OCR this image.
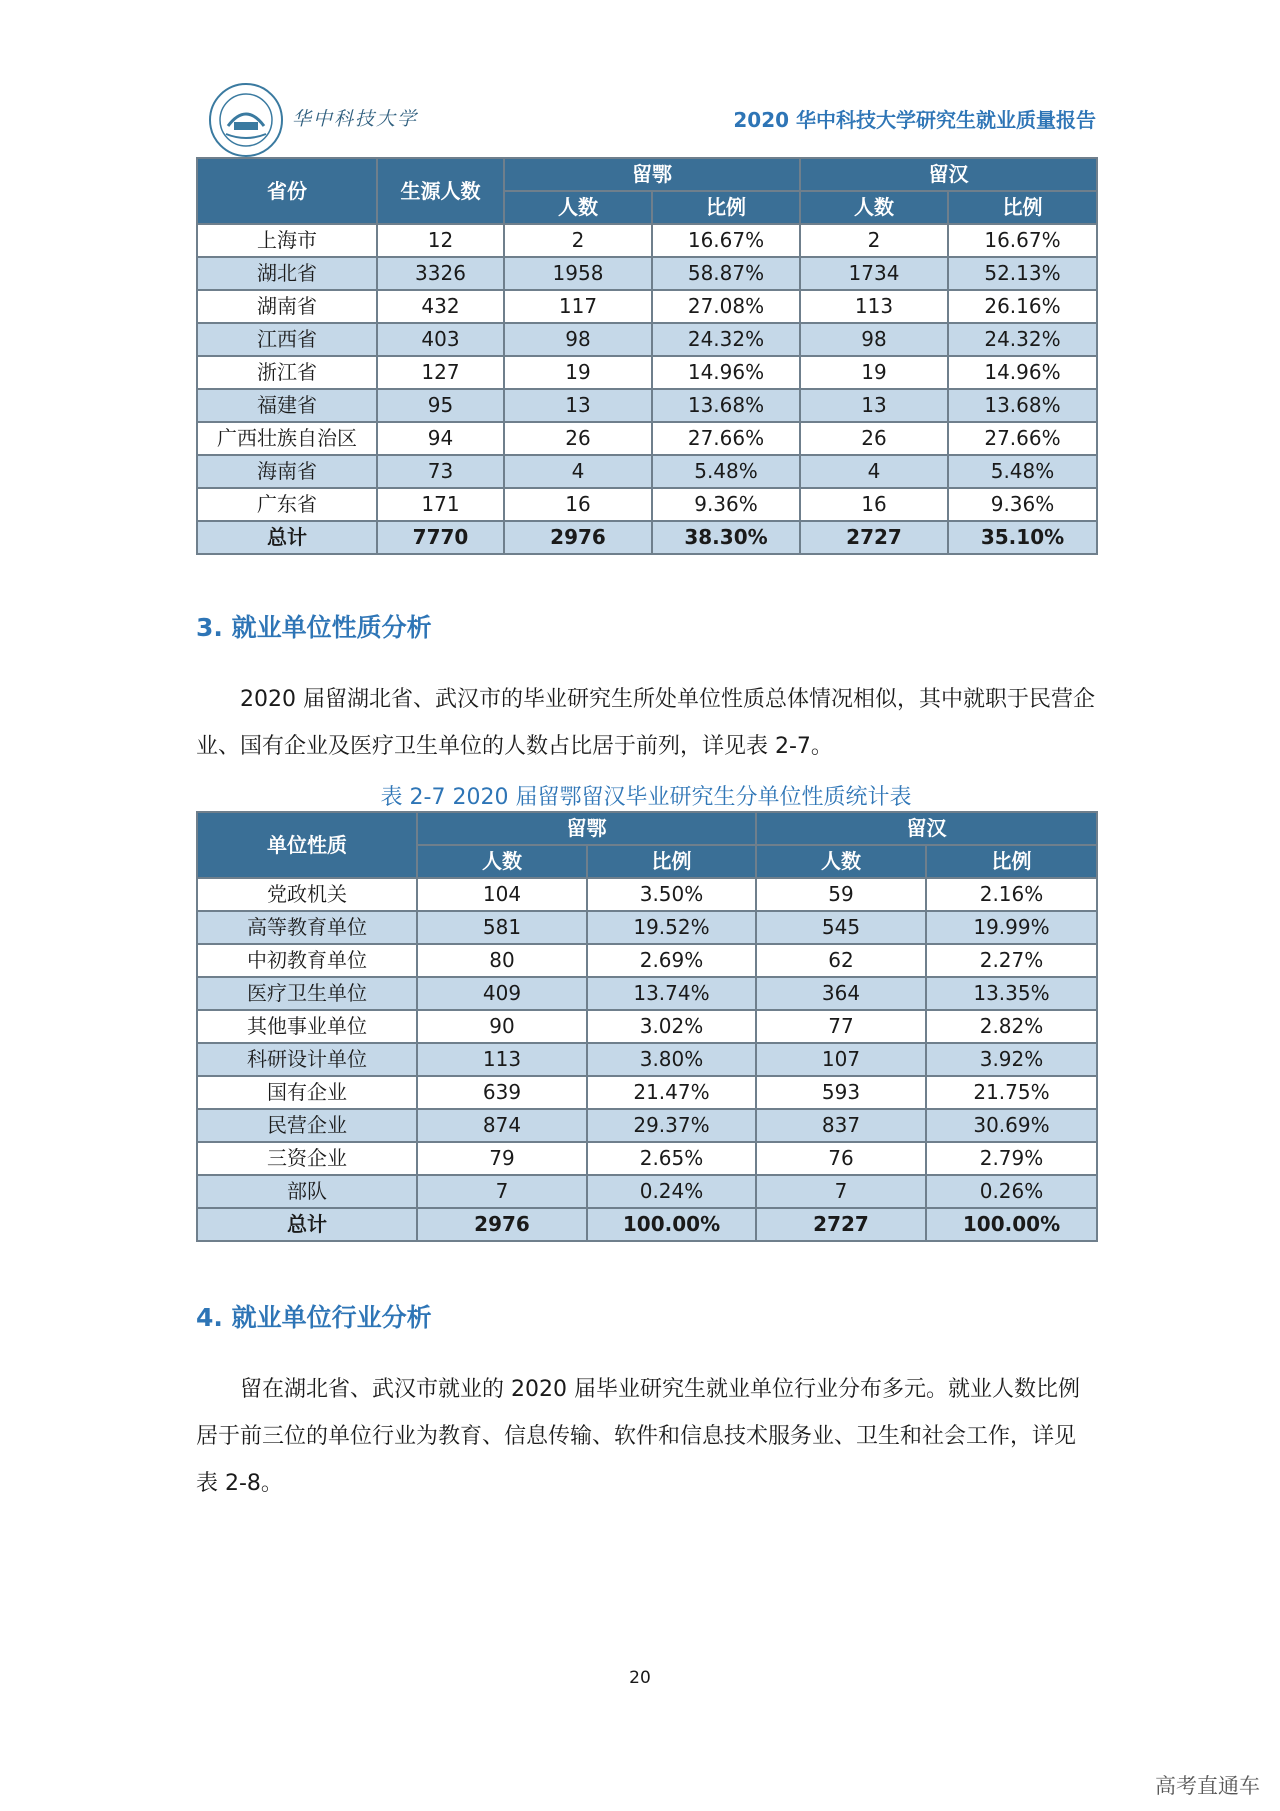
华中科技大学	2020 华中科技大学研究生就业质量报告
省份	生源人数	留鄂		留汉	
		人数	比例	人数	比例
上海市	12	2	16.67%	2	16.67%
湖北省	3326	1958	58.87%	1734	52.13%
湖南省	432	117	27.08%	113	26.16%
江西省	403	98	24.32%	98	24.32%
浙江省	127	19	14.96%	19	14.96%
福建省	95	13	13.68%	13	13.68%
广西壮族自治区	94	26	27.66%	26	27.66%
海南省	73	4	5.48%	4	5.48%
广东省	171	16	9.36%	16	9.36%
总计	7770	2976	38.30%	2727	35.10%
3. 就业单位性质分析

2020 届留湖北省、武汉市的毕业研究生所处单位性质总体情况相似，其中就职于民营企业、国有企业及医疗卫生单位的人数占比居于前列，详见表 2-7。

表 2-7 2020 届留鄂留汉毕业研究生分单位性质统计表
单位性质	留鄂		留汉	
	人数	比例	人数	比例
党政机关	104	3.50%	59	2.16%
高等教育单位	581	19.52%	545	19.99%
中初教育单位	80	2.69%	62	2.27%
医疗卫生单位	409	13.74%	364	13.35%
其他事业单位	90	3.02%	77	2.82%
科研设计单位	113	3.80%	107	3.92%
国有企业	639	21.47%	593	21.75%
民营企业	874	29.37%	837	30.69%
三资企业	79	2.65%	76	2.79%
部队	7	0.24%	7	0.26%
总计	2976	100.00%	2727	100.00%
4. 就业单位行业分析

留在湖北省、武汉市就业的 2020 届毕业研究生就业单位行业分布多元。就业人数比例居于前三位的单位行业为教育、信息传输、软件和信息技术服务业、卫生和社会工作，详见表 2-8。

20
高考直通车
